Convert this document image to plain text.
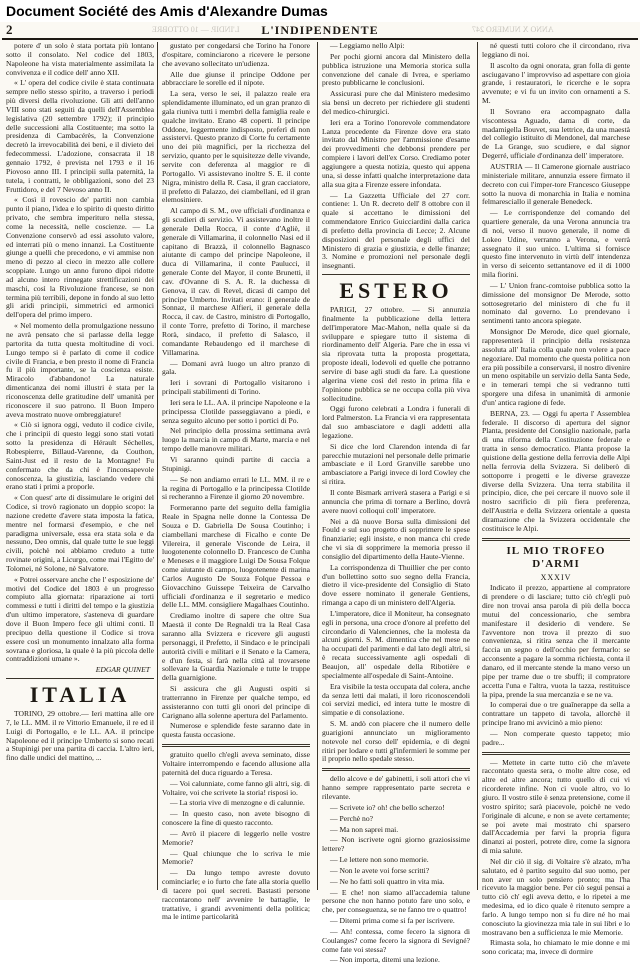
Document Société des Amis d'Alexandre Dumas
L'INDIP. — 10 OTTOBRE	ANNO X NUMERO 247
2	L'INDIPENDENTE

potere d' un solo è stata portata più lontano sotto il consolato. Nel codice del 1803, Napoleone ha vista materialmente assimilata la convivenza e il codice dell' anno XII.

« L' opera del codice civile è stata continuata sempre nello stesso spirito, a traverso i periodi più diversi della rivoluzione. Gli atti dell'anno VIII sono stati seguiti da quelli dell'Assemblea legislativa (20 settembre 1792); il principio delle successioni alla Costituente; ma sotto la presidenza di Cambacérès, la Convenzione decretò la irrevocabilità dei beni, e il divieto dei fedecommessi. L'adozione, consacrata il 18 gennaio 1792, è prevista nel 1793 e il 16 Piovoso anno III. I principii sulla paternità, la tutela, i contratti, le obbligazioni, sono del 23 Fruttidoro, e del 7 Nevoso anno II.

« Così il rovescio de' partiti non cambia punto il piano, l'idea e lo spirito di questo diritto privato, che sembra imperituro nella stessa, come la necessità, nelle coscienze. — La Convenzione conservò ad essi assoluto valore, ed interrati più o meno innanzi. La Costituente giunge a quelli che precedono, e vi ammise non meno di pezzo al cieco in mezzo alle collere scoppiate. Lungo un anno furono dipoi ridotte ad alcuno intero rinnegate strettificazioni dei maschi, così la Rivoluzione francese, se non termina più terribili, depone in fondo al suo letto gli aridi principii, simmetrici ed armonici dell'opera del primo impero.

« Nel momento della promulgazione nessuno ne avrà pensato che si parlasse della legge partorita da tutta questa moltitudine di voci. Lungo tempo si è parlato di come il codice civile di Francia, e ben presto il nome di Francia fu il più importante, se la coscienza esiste. Miracolo d'abbandono! La naturale dimenticanza dei nomi illustri è stata per la riconoscenza delle gratitudine dell' umanità per riconoscere il suo patrono. Il Buon Impero aveva mostrato nuove ombreggiature!

« Ciò si ignora oggi, veduto il codice civile, che i principii di questo leggi sono stati votati sotto la presidenza di Hérault Séchelles, Robespierre, Billaud-Varenne, da Couthon, Saint-Just ed il resto de la Montagne! Fu confermato che da chi è l'inconsapevole conoscenza, la giustizia, lasciando vedere chi erano stati i primi a proporle.

« Con quest' arte di dissimulare le origini del Codice, si trovò ragionato un doppio scopo: la nazione credette d'avere stata imposta la fatica, mentre nel formarsi d'esempio, e che nel paradigma universale, essa era stata sola e da nessuno, Deo omnis, dal quale tutte le sue leggi civili, poichè noi abbiamo creduto a tutte rovinate origini, a Licurgo, come mai l'Egitto de' Tolomei, né Solone, nè Salvatore.

« Potrei osservare anche che l' esposizione de' motivi del Codice del 1803 è un progresso compiuto alla giornata: riparazione ai torti commessi e tutti i diritti del tempo e la giustizia d'un ultimo imperatore, s'asteneva di guardare dove il Buon Impero fece gli ultimi conti. Il precipuo della questione il Codice si trova essere così un monumento innalzato alla forma sovrana e gloriosa, la quale è la più piccola delle contraddizioni umane ».

EDGAR QUINET
ITALIA

TORINO, 29 ottobre.— Ieri mattina alle ore 7, le LL. MM. il re Vittorio Emanuele, il re ed il Luigi di Portogallo, e le LL. AA. il principe Napoleone ed il principe Umberto si sono recati a Stupinigi per una partita di caccia. L'altro ieri, fino dalle undici del mattino, ...

gustato per congedarsi che Torino ha l'onore d'ospitare, cominciarono a ricevere le persone che avevano sollecitato un'udienza.

Alle due giunse il principe Oddone per abbracciare le sorelle ed il nipote.

La sera, verso le sei, il palazzo reale era splendidamente illuminato, ed un gran pranzo di gala riuniva tutti i membri della famiglia reale e qualche invitato. Erano 48 coperti. Il principe Oddone, leggermente indisposto, preferì di non assistervi. Questo pranzo di Corte fu certamente uno dei più magnifici, per la ricchezza del servizio, quanto per le squisitezze delle vivande, servite con deferenza al maggior re di Portogallo. Vi assistevano inoltre S. E. il conte Nigra, ministro della R. Casa, il gran cacciatore, il prefetto di Palazzo, dei ciambellani, ed il gran elemosiniere.

Al campo di S. M., ove ufficiali d'ordinanza e gli scudieri di servizio. Vi assistevano inoltre il generale Della Rocca, il conte d'Agliè, il generale di Villamarina, il colonnello Nasi ed il capitano di Brazzà, il colonnello Bagnasco aiutante di campo del principe Napoleone, il duca di Villamarina, il conte Paulucci, il generale Conte del Mayor, il conte Brunetti, il cav. d'Ovanne di S. A. R. la duchessa di Genova, il cav. di Revel, dicasi di campo del principe Umberto. Invitati erano: il generale de Sonnaz, il marchese Alfieri, il generale della Rocca, il cav. de Castro, ministro di Portogallo, il conte Torre, prefetto di Torino, il marchese Rorà, sindaco, il prefetto di Salasco, il comandante Rebaudengo ed il marchese di Villamarina.

— Domani avrà luogo un altro pranzo di gala.

Ieri i sovrani di Portogallo visitarono i principali stabilimenti di Torino.

Ieri sera le LL. AA. il principe Napoleone e la principessa Clotilde passeggiavano a piedi, e senza seguito alcuno per sotto i portici di Po.

Nel principio della prossima settimana avrà luogo la marcia in campo di Marte, marcia e nel tempo delle manovre militari.

Vi saranno quindi partite di caccia a Stupinigi.

— Se non andiamo errati le LL. MM. il re e la regina di Portogallo e la principessa Clotilde si recheranno a Firenze il giorno 20 novembre.

Formeranno parte del seguito della famiglia Reale in Spagna nelle donne la Contessa De Souza e D. Gabriella De Sousa Coutinho; i ciambellani marchese di Ficalho e conte De Vilereira, il generale Visconde de Leira, il luogotenente colonnello D. Francesco de Cunha e Meneses e il maggiore Luigi De Sousa Folque come aiutante di campo, luogotenente di marina Carlos Augusto De Souza Folque Pessoa e Giovacchino Guissepe Teixeira de Carvalho ufficiali d'ordinanza e il segretario e medico delle LL. MM. consigliere Magalhaes Coutinho.

Crediamo inoltre di sapere che oltre Sua Maestà il conte De Regnaldi tra la Real Casa saranno alla Svizzera e ricevere gli augusti personaggi, il Prefetto, il Sindaco e le principali autorità civili e militari e il Senato e la Camera, e d'un festa, si farà nella città al trovarsene sollevare la Guardia Nazionale e tutte le truppe della guarnigione.

Si assicura che gli Augusti ospiti si tratterranno in Firenze per qualche tempo, ed assisteranno con tutti gli onori del principe di Carignano alla solenne apertura del Parlamento.

Numerose e splendide feste saranno date in questa fausta occasione.

gratuito quello ch'egli aveva seminato, disse Voltaire interrompendo e facendo allusione alla paternità del duca riguardo a Teresa.

— Voi calunniate, come fanno gli altri, sig. di Voltaire, voi che scrivete la storia! risposi io.

— La storia vive di menzogne e di calunnie.

— In questo caso, non avete bisogno di conoscere la fine di questo racconto.

— Avrò il piacere di leggerlo nelle vostre Memorie?

— Qual chiunque che lo scriva le mie Memorie?

— Da lungo tempo avreste dovuto cominciarle; e io furto che fate alla storia quello di tacere poi quel secreti. Bastasti persone raccontarono nell' avvenire le battaglie, le trattative, i grandi avvenimenti della politica; ma le intime particolarità

— Leggiamo nello Alpi:

Per pochi giorni ancora dal Ministero della pubblica istruzione una Memoria storica sulla convenzione del canale di Ivrea, e speriamo presto pubblicarne le conclusioni.

Assicurasi pure che dal Ministero medesimo sia bensì un decreto per richiedere gli studenti del medico-chirurgici.

Ieri era a Torino l'onorevole commendatore Lanza procedente da Firenze dove era stato invitato dal Ministro per l'ammissione d'esame dei provvedimenti che debbonsi prendere per compiere i lavori dell'ex Corso. Crediamo poter aggiungere a questa notizia, questo qui appena una, si desse infatti qualche interpretazione data alla sua gita a Firenze essere infondata.

— La Gazzetta Ufficiale del 27 corr. contiene: 1. Un R. decreto dell' 8 ottobre con il quale si accettano le dimissioni del commendatore Enrico Guicciardini dalla carica di prefetto della provincia di Lecce; 2. Alcune disposizioni del personale degli uffici del Ministero di grazia e giustizia, e delle finanze; 3. Nomine e promozioni nel personale degli insegnanti.

ESTERO

PARIGI, 27 ottobre. — Si annunzia finalmente la pubblicazione della lettera dell'imperatore Mac-Mahon, nella quale si da sviluppare e spiegare tutto il sistema di riordinamento dell' Algeria. Pare che in essa vi sia riprovata tutta la proposta progettata, proposte ideali, lodevoli ed quelle che potranno servire di base agli studi da fare. La questione algerina viene così del resto in prima fila e l'opinione pubblica se ne occupa colla più viva sollecitudine.

Oggi furono celebrati a Londra i funerali di lord Palmerston. La Francia vi era rappresentata dal suo ambasciatore e dagli addetti alla legazione.

Si dice che lord Clarendon intenda di far parecchie mutazioni nel personale delle primarie ambasciate e il Lord Granville sarebbe uno ambasciatore a Parigi invece di lord Cowley che si ritira.

Il conte Bismark arriverà stasera a Parigi e si annuncia che prima di tornare a Berlino, dovrà avere nuovi colloqui coll' imperatore.

Nei a dà nuove Borsa sulla dimissioni del Fould e sul suo progetto di sopprimere le spese finanziarie; egli insiste, e non manca chi crede che vi sia di sopprimere la memoria presso il consiglio del dipartimento della Haute-Vienne.

La corrispondenza di Thuillier che per conto d'un bollettino sotto suo segno della Francia, dietro il vice-presidente del Consiglio di Stato dove essere nominato il generale Gentiens, rimanga a capo di un ministero dell'Algeria.

L'imperatore, dice il Moniteur, ha consegnato egli in persona, una croce d'onore al prefetto del circondario di Valenciennes, che la molesta da alcuni giorni. S. M. dimentica che nel mese ne ha occupati del parimenti e dal lato degli altri, si è recata successivamente agli ospedali di Beaujon, all' ospedale della Ribotière e specialmente all'ospedale di Saint-Antoine.

Era visibile la testa occupata dal colera, anche da senza letti dai malati, il loro riconoscendoli coi servizi medici, ed intera tutte le mostre di simpatie e di consolazione.

S. M. andò con piacere che il numero delle guarigioni annunciato un miglioramento notevole nel corso dell' epidemia, e di degni ritiri per lodare e tutti gl'infermieri le somme per il proprio nello spedale stesso.

dello alcove e de' gabinetti, i soli attori che vi hanno sempre rappresentato parte secreta e rilevante.

— Scrivete io? oh! che bello scherzo!

— Perchè no?

— Ma non saprei mai.

— Non iscrivete ogni giorno graziosissime lettere?

— Le lettere non sono memorie.

— Non le avete voi forse scritti?

— Ne ho fatti soli quattro in vita mia.

— E che! non siamo all'accademia talune persone che non hanno potuto fare uno solo, e che, per conseguenza, se ne fanno tre o quattro!

— Ditemi prima come si fa per iscrivere.

— Ah! contessa, come fecero la signora di Coulanges? come fecero la signora di Sevigné? come fate voi stessa?

— Non importa, ditemi una lezione.

né questi tutti coloro che il circondano, riva leggiano di noi.

Il ascolto da ogni onorata, gran folla di gente asciugavano l' improvviso ad aspettare con gioia grande, i restauratori, le ricerche e le sopra avvenute; e vi fu un invito con ornamenti a S. M.

Il Sovrano era accompagnato dalla viscontessa Aguado, dama di corte, da madamigella Bouvet, sua lettrice, da una maestà del collegio istituito di Mendonel, dal marchese de La Grange, suo scudiere, e dal signor Degerré, ufficiale d'ordinanza dell' imperatore.

AUSTRIA — Il Camerone giornale austriaco ministeriale militare, annunzia essere firmato il decreto con cui l'imper-tore Francesco Giuseppe sotto la nuova di monarchia in Italia e nomina felmaresciallo il generale Benedeck.

— Le corrispondenze del comando del quartiere generale, da una Verona annuncia tra di noi, verso il nuovo generale, il nome di Lokeo Udine, verranno a Verona, e verrà assegnato il suo unico. L'ultima si fornisce questo fine intervenuto in virtù dell' intendenza in verso di seicento settantanove ed il di 1000 mila fiorini.

— L' Union franc-comtoise pubblica sotto la dimissione del monsignor De Merode, sotto sottosegretario del ministero di che fu il nominato dal governo. Lo prendevano i sentimenti tanto ancora spiegate.

Monsignor De Merode, dice quel giornale, rappresenterà il principio della resistenza assoluta all' Italia colla quale non volere a pace negoziare. Dal momento che questa politica non era più possibile a conservarsi, il nostro divenire un meno ospitabile un servizio della Santa Sede, e in temerari tempi che si vedranno tutti sporgere una difesa in unanimità di armonie d'un' antica ragione di fede.

BERNA, 23. — Oggi fu aperta l' Assemblea federale. Il discorso di apertura del signor Planta, presidente del Consiglio nazionale, parla di una riforma della Costituzione federale e tratta in senso democratico. Planta propose la quistione della gestione della ferrovia delle Alpi nella ferrovia della Svizzera. Si deliberò di sottoporre i progetti e le diverse gravezze diverse della Svizzera. Una terra stabilita il principio, dice, che pei cercare il nuovo sole il nostro sacrificio di più fiera preferenza, dell'Austria e della Svizzera orientale a questa diramazione che la Svizzera occidentale che costituisce le Alpi.

IL MIO TROFEO D'ARMI
XXXIV

Indicato il prezzo, appartiene al compratore di prendere o di lasciare; tutto ciò ch'egli può dire non trovai ansa parola di più della bocca mutui del concessionario, che sembra manifestare il desiderio di vendere. Se l'avventore non trova il prezzo di suo convenienza, si ritira senza che il mercante faccia un segno o dell'occhio per fermarlo: se acconsente a pagare la somma richiesta, conta il danaro, ed il mercante stende la mano verso un pipe per trarne due o tre sbuffi; il compratore accetta l'una e l'altra, vuota la tazza, restituisce la pipa, prende la sua mercanzia e se ne va.

Io comperai due o tre guaînerappe da sella a contrattare un tappeto di tavola, allorchè il principe Irano mi avvicinò a mio pieno:

— Non comperate questo tappeto; mio padre...

— Mettete in carte tutto ciò che m'avete raccontato questa sera, o molte altre cose, ed altre ed altre ancora; tutto quello di cui vi ricorderete infine. Non ci vuole altro, vo lo giuro. Il vostro stile è senza pretensione, come il vostro spirito; sarà piacevole, poichè ne vedo l'originale di alcune, e non se avete certamente; se poi avete mai mostrato chi sparsero dall'Accademia per farvi la propria figura dinanzi ai posteri, potrete dire, come la signora di mia salute.

Nel dir ciò il sig. di Voltaire s'è alzato, m'ha salutato, ed è partito seguito dal suo uomo, per non aver un solo pensiero pronto; ma l'ha ricevuto la maggior bene. Per ciò seguì pensai a tutto ciò ch' egli aveva detto, e lo ripetei a me medesima, ed io dico quale è ritenuto sempre a farlo. A lungo tempo non si fu dire né ho mai conosciuto la giovinezza mia tale in sui libri e lo mostravano ben a sufficienza le mie Memorie.

Rimasta sola, ho chiamato le mie donne e mi sono coricata; ma, invece di dormire
